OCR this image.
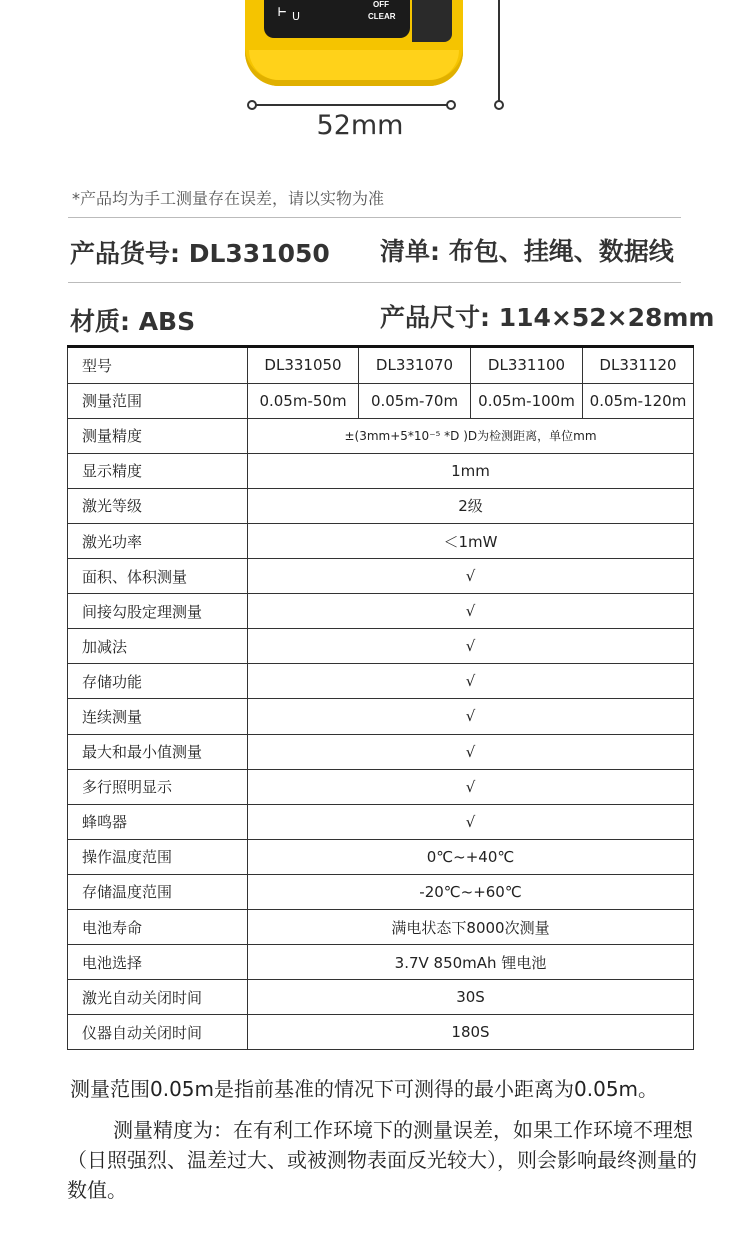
⊢ U
OFF
CLEAR
52mm
*产品均为手工测量存在误差，请以实物为准
产品货号: DL331050 清单: 布包、挂绳、数据线
材质: ABS	产品尺寸: 114×52×28mm
型号	DL331050	DL331070	DL331100	DL331120
测量范围	0.05m-50m	0.05m-70m	0.05m-100m	0.05m-120m
测量精度	±(3mm+5*10⁻⁵ *D )D为检测距离，单位mm			
显示精度	1mm			
激光等级	2级			
激光功率	＜1mW			
面积、体积测量	√			
间接勾股定理测量	√			
加减法	√			
存储功能	√			
连续测量	√			
最大和最小值测量	√			
多行照明显示	√			
蜂鸣器	√			
操作温度范围	0℃~+40℃			
存储温度范围	-20℃~+60℃			
电池寿命	满电状态下8000次测量			
电池选择	3.7V 850mAh 锂电池			
激光自动关闭时间	30S			
仪器自动关闭时间	180S			
测量范围0.05m是指前基准的情况下可测得的最小距离为0.05m。
测量精度为：在有利工作环境下的测量误差，如果工作环境不理想（日照强烈、温差过大、或被测物表面反光较大），则会影响最终测量的数值。
